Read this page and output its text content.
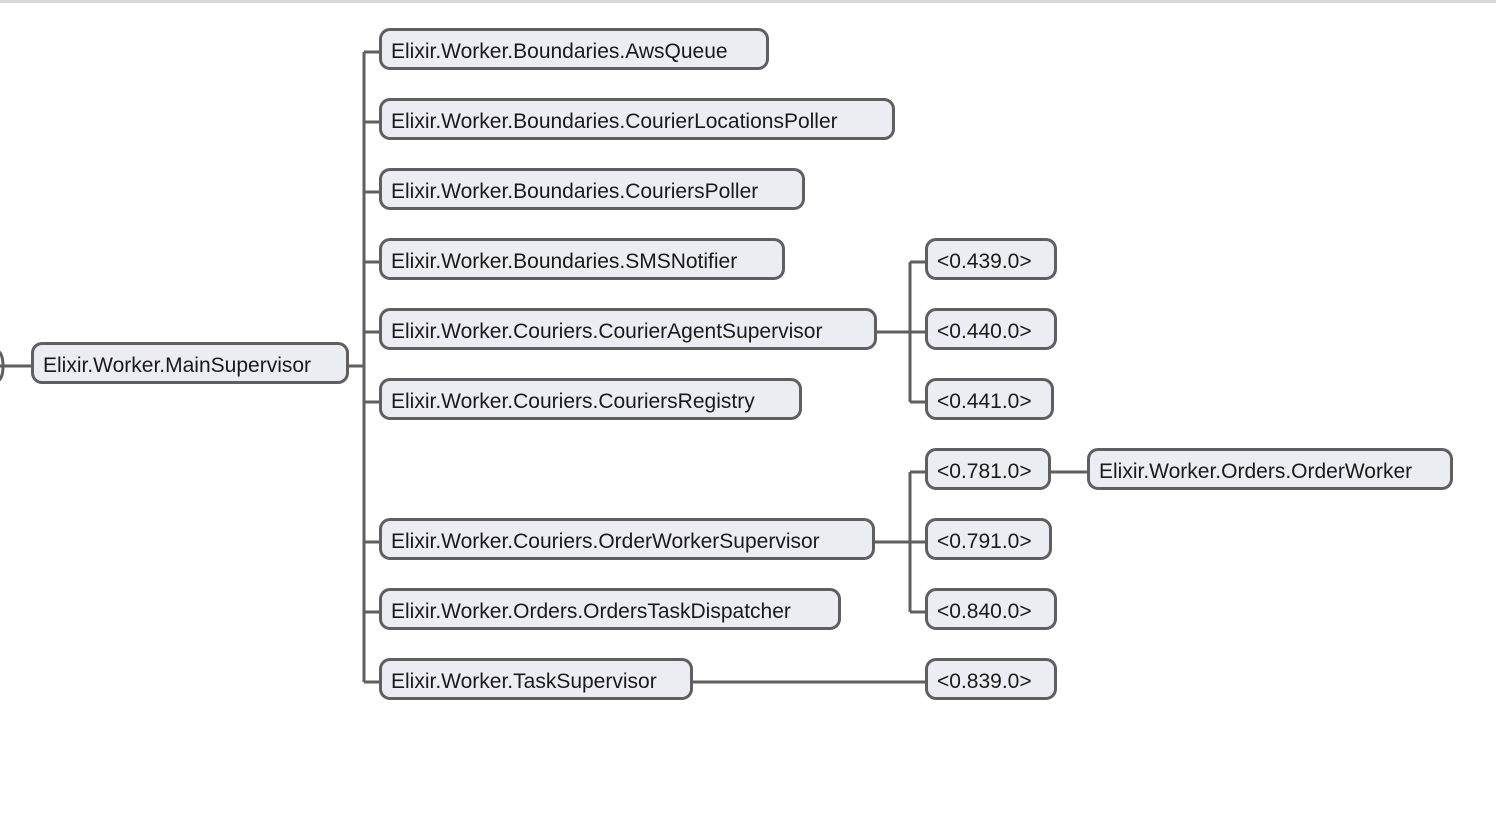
Elixir.Worker.MainSupervisor
Elixir.Worker.Boundaries.AwsQueue
Elixir.Worker.Boundaries.CourierLocationsPoller
Elixir.Worker.Boundaries.CouriersPoller
Elixir.Worker.Boundaries.SMSNotifier
Elixir.Worker.Couriers.CourierAgentSupervisor
Elixir.Worker.Couriers.CouriersRegistry
Elixir.Worker.Couriers.OrderWorkerSupervisor
Elixir.Worker.Orders.OrdersTaskDispatcher
Elixir.Worker.TaskSupervisor
<0.439.0>
<0.440.0>
<0.441.0>
<0.781.0>
<0.791.0>
<0.840.0>
Elixir.Worker.Orders.OrderWorker
<0.839.0>
